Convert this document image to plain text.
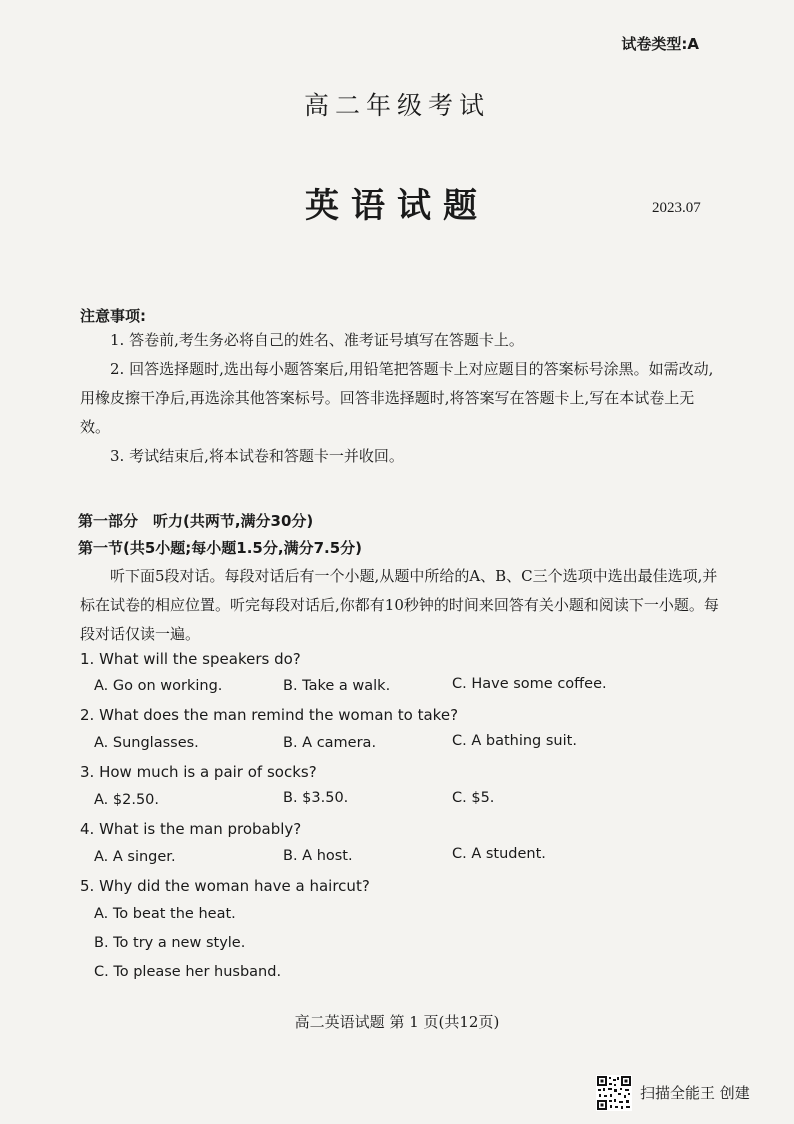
试卷类型:A
高二年级考试
英语试题	2023.07
注意事项:
1. 答卷前,考生务必将自己的姓名、准考证号填写在答题卡上。
2. 回答选择题时,选出每小题答案后,用铅笔把答题卡上对应题目的答案标号涂黑。如需改动,用橡皮擦干净后,再选涂其他答案标号。回答非选择题时,将答案写在答题卡上,写在本试卷上无效。
3. 考试结束后,将本试卷和答题卡一并收回。
第一部分　听力(共两节,满分30分)
第一节(共5小题;每小题1.5分,满分7.5分)
听下面5段对话。每段对话后有一个小题,从题中所给的A、B、C三个选项中选出最佳选项,并标在试卷的相应位置。听完每段对话后,你都有10秒钟的时间来回答有关小题和阅读下一小题。每段对话仅读一遍。
1. What will the speakers do?
A. Go on working.	B. Take a walk.	C. Have some coffee.
2. What does the man remind the woman to take?
A. Sunglasses.	B. A camera.	C. A bathing suit.
3. How much is a pair of socks?
A. $2.50.	B. $3.50.	C. $5.
4. What is the man probably?
A. A singer.	B. A host.	C. A student.
5. Why did the woman have a haircut?
A. To beat the heat.
B. To try a new style.
C. To please her husband.
高二英语试题 第 1 页(共12页)
扫描全能王 创建
